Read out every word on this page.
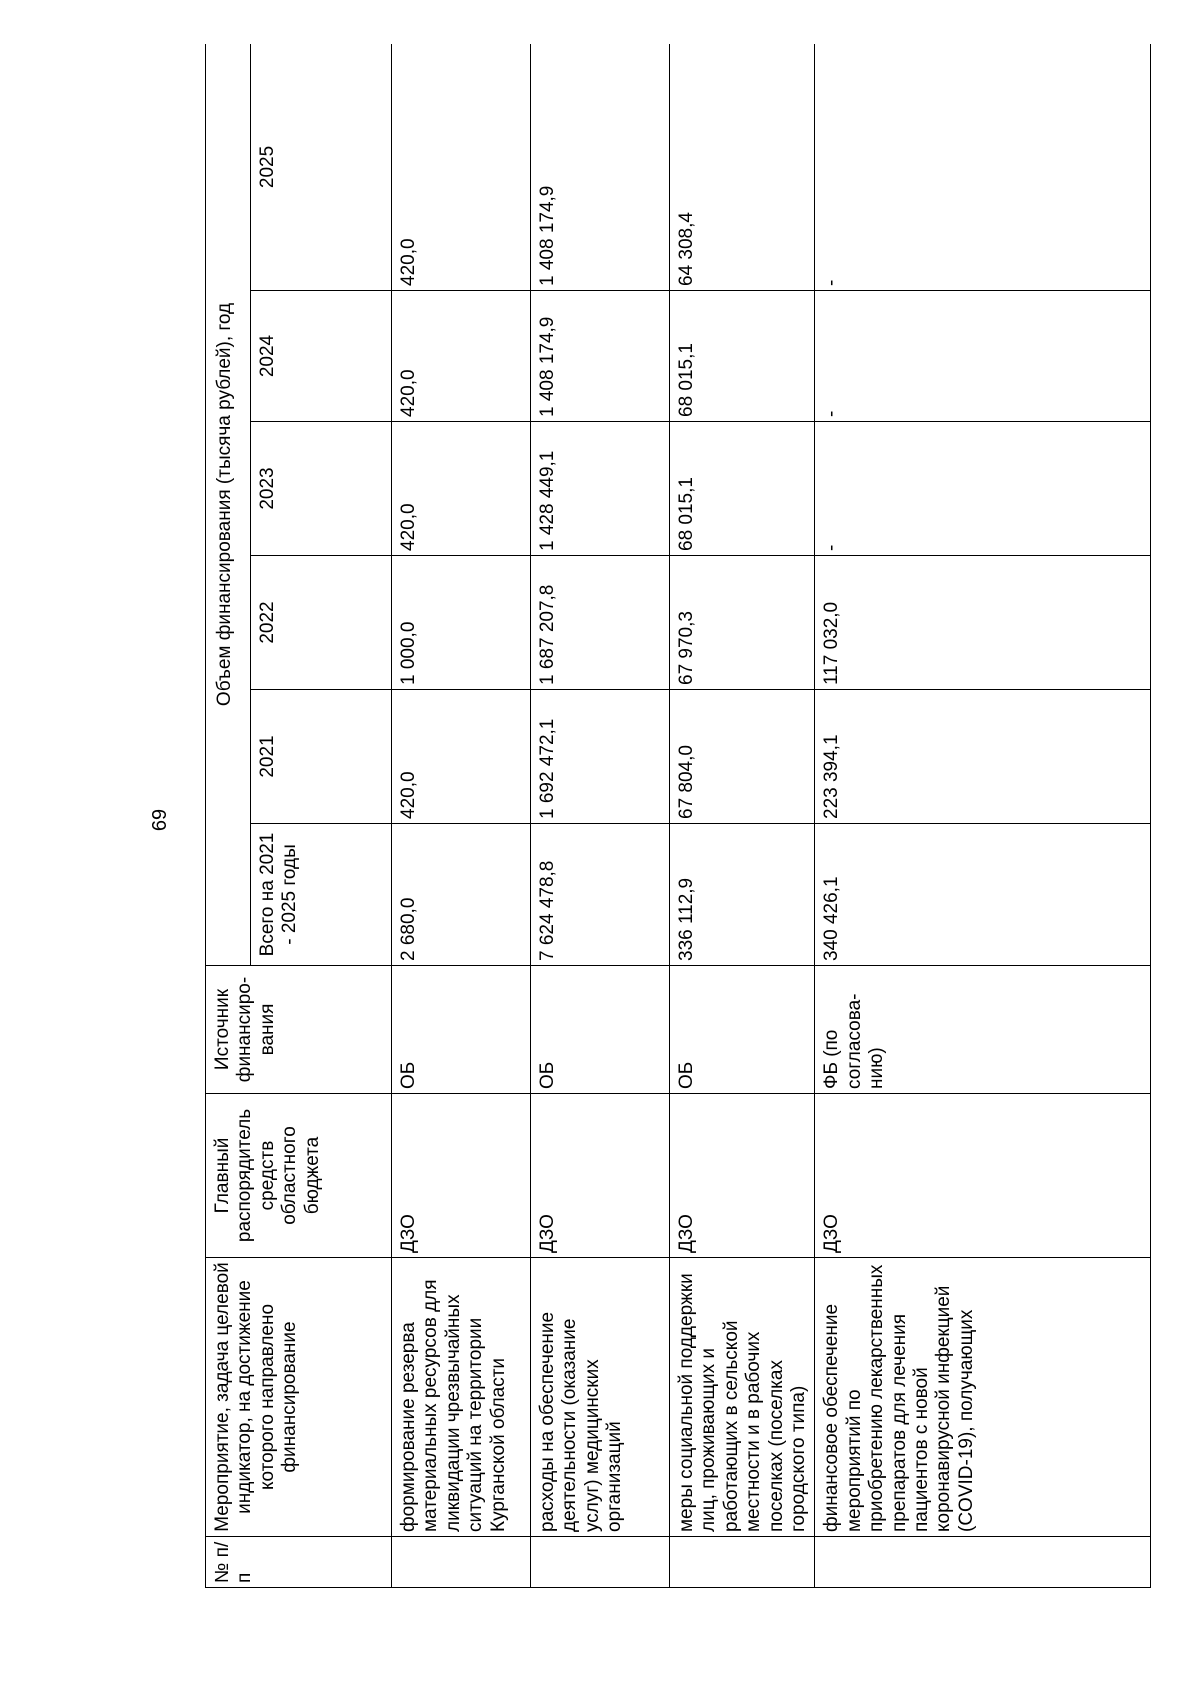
69
№ п/п	Мероприятие, задача целевой индикатор, на достижение которого направлено финансирование	Главный распорядитель средств областного бюджета	Источник финансиро-вания	Объем финансирования (тысяча рублей), год					
				Всего на 2021 - 2025 годы	2021	2022	2023	2024	2025
	формирование резерва материальных ресурсов для ликвидации чрезвычайных ситуаций на территории Курганской области	ДЗО	ОБ	2 680,0	420,0	1 000,0	420,0	420,0	420,0
	расходы на обеспечение деятельности (оказание услуг) медицинских организаций	ДЗО	ОБ	7 624 478,8	1 692 472,1	1 687 207,8	1 428 449,1	1 408 174,9	1 408 174,9
	меры социальной поддержки лиц, проживающих и работающих в сельской местности и в рабочих поселках (поселках городского типа)	ДЗО	ОБ	336 112,9	67 804,0	67 970,3	68 015,1	68 015,1	64 308,4
	финансовое обеспечение мероприятий по приобретению лекарственных препаратов для лечения пациентов с новой коронавирусной инфекцией (COVID-19), получающих	ДЗО	ФБ (по согласова-нию)	340 426,1	223 394,1	117 032,0	-	-	-
